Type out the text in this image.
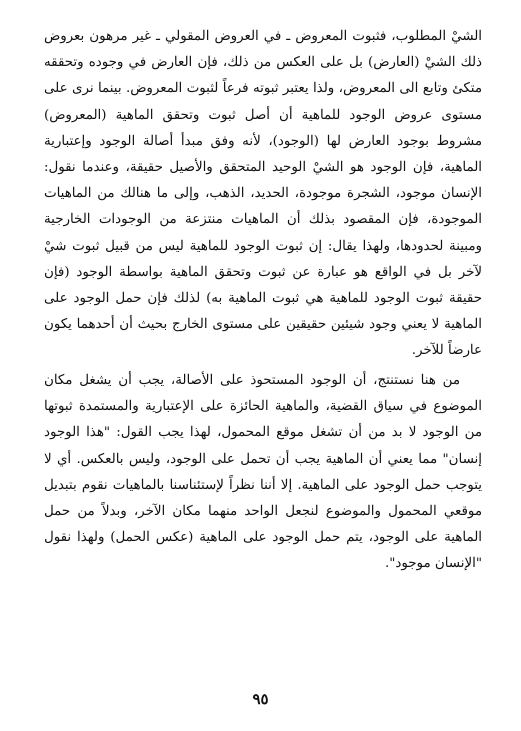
الشيْ المطلوب، فثبوت المعروض ـ في العروض المقولي ـ غير مرهون بعروض ذلك الشيْ (العارض) بل على العكس من ذلك، فإن العارض في وجوده وتحققه متكئ وتابع الى المعروض، ولذا يعتبر ثبوته فرعاً لثبوت المعروض. بينما نرى على مستوى عروض الوجود للماهية أن أصل ثبوت وتحقق الماهية (المعروض) مشروط بوجود العارض لها (الوجود)، لأنه وفق مبدأ أصالة الوجود وإعتبارية الماهية، فإن الوجود هو الشيْ الوحيد المتحقق والأصيل حقيقة، وعندما نقول: الإنسان موجود، الشجرة موجودة، الحديد، الذهب، وإلى ما هنالك من الماهيات الموجودة، فإن المقصود بذلك أن الماهيات منتزعة من الوجودات الخارجية ومبينة لحدودها، ولهذا يقال: إن ثبوت الوجود للماهية ليس من قبيل ثبوت شيْ لآخر بل في الواقع هو عبارة عن ثبوت وتحقق الماهية بواسطة الوجود (فإن حقيقة ثبوت الوجود للماهية هي ثبوت الماهية به) لذلك فإن حمل الوجود على الماهية لا يعني وجود شيئين حقيقين على مستوى الخارج بحيث أن أحدهما يكون عارضاً للآخر.

من هنا نستنتج، أن الوجود المستحوذ على الأصالة، يجب أن يشغل مكان الموضوع في سياق القضية، والماهية الحائزة على الإعتبارية والمستمدة ثبوتها من الوجود لا بد من أن تشغل موقع المحمول، لهذا يجب القول: "هذا الوجود إنسان" مما يعني أن الماهية يجب أن تحمل على الوجود، وليس بالعكس. أي لا يتوجب حمل الوجود على الماهية. إلا أننا نظراً لإستئناسنا بالماهيات نقوم بتبديل موقعي المحمول والموضوع لنجعل الواحد منهما مكان الآخر، وبدلاً من حمل الماهية على الوجود، يتم حمل الوجود على الماهية (عكس الحمل) ولهذا نقول "الإنسان موجود".

٩٥
